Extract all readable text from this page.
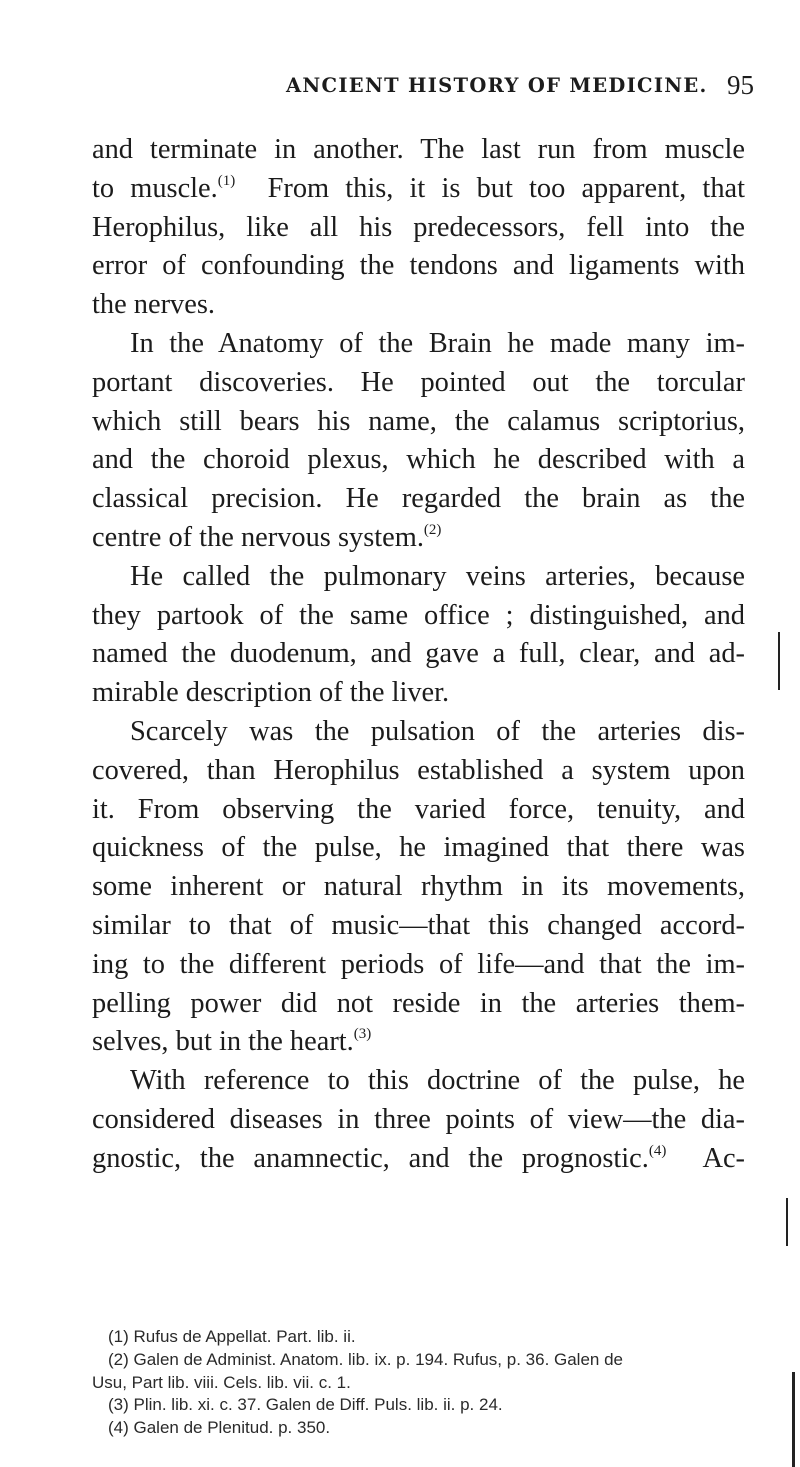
ANCIENT HISTORY OF MEDICINE. 95
and terminate in another. The last run from muscle
to muscle.$^{(1)}$ From this, it is but too apparent, that
Herophilus, like all his predecessors, fell into the
error of confounding the tendons and ligaments with
the nerves.
In the Anatomy of the Brain he made many im-
portant discoveries. He pointed out the torcular
which still bears his name, the calamus scriptorius,
and the choroid plexus, which he described with a
classical precision. He regarded the brain as the
centre of the nervous system.$^{(2)}$
He called the pulmonary veins arteries, because
they partook of the same office ; distinguished, and
named the duodenum, and gave a full, clear, and ad-
mirable description of the liver.
Scarcely was the pulsation of the arteries dis-
covered, than Herophilus established a system upon
it. From observing the varied force, tenuity, and
quickness of the pulse, he imagined that there was
some inherent or natural rhythm in its movements,
similar to that of music—that this changed accord-
ing to the different periods of life—and that the im-
pelling power did not reside in the arteries them-
selves, but in the heart.$^{(3)}$
With reference to this doctrine of the pulse, he
considered diseases in three points of view—the dia-
gnostic, the anamnectic, and the prognostic.$^{(4)}$ Ac-
(1) Rufus de Appellat. Part. lib. ii.
(2) Galen de Administ. Anatom. lib. ix. p. 194. Rufus, p. 36. Galen de
Usu, Part lib. viii. Cels. lib. vii. c. 1.
(3) Plin. lib. xi. c. 37. Galen de Diff. Puls. lib. ii. p. 24.
(4) Galen de Plenitud. p. 350.
